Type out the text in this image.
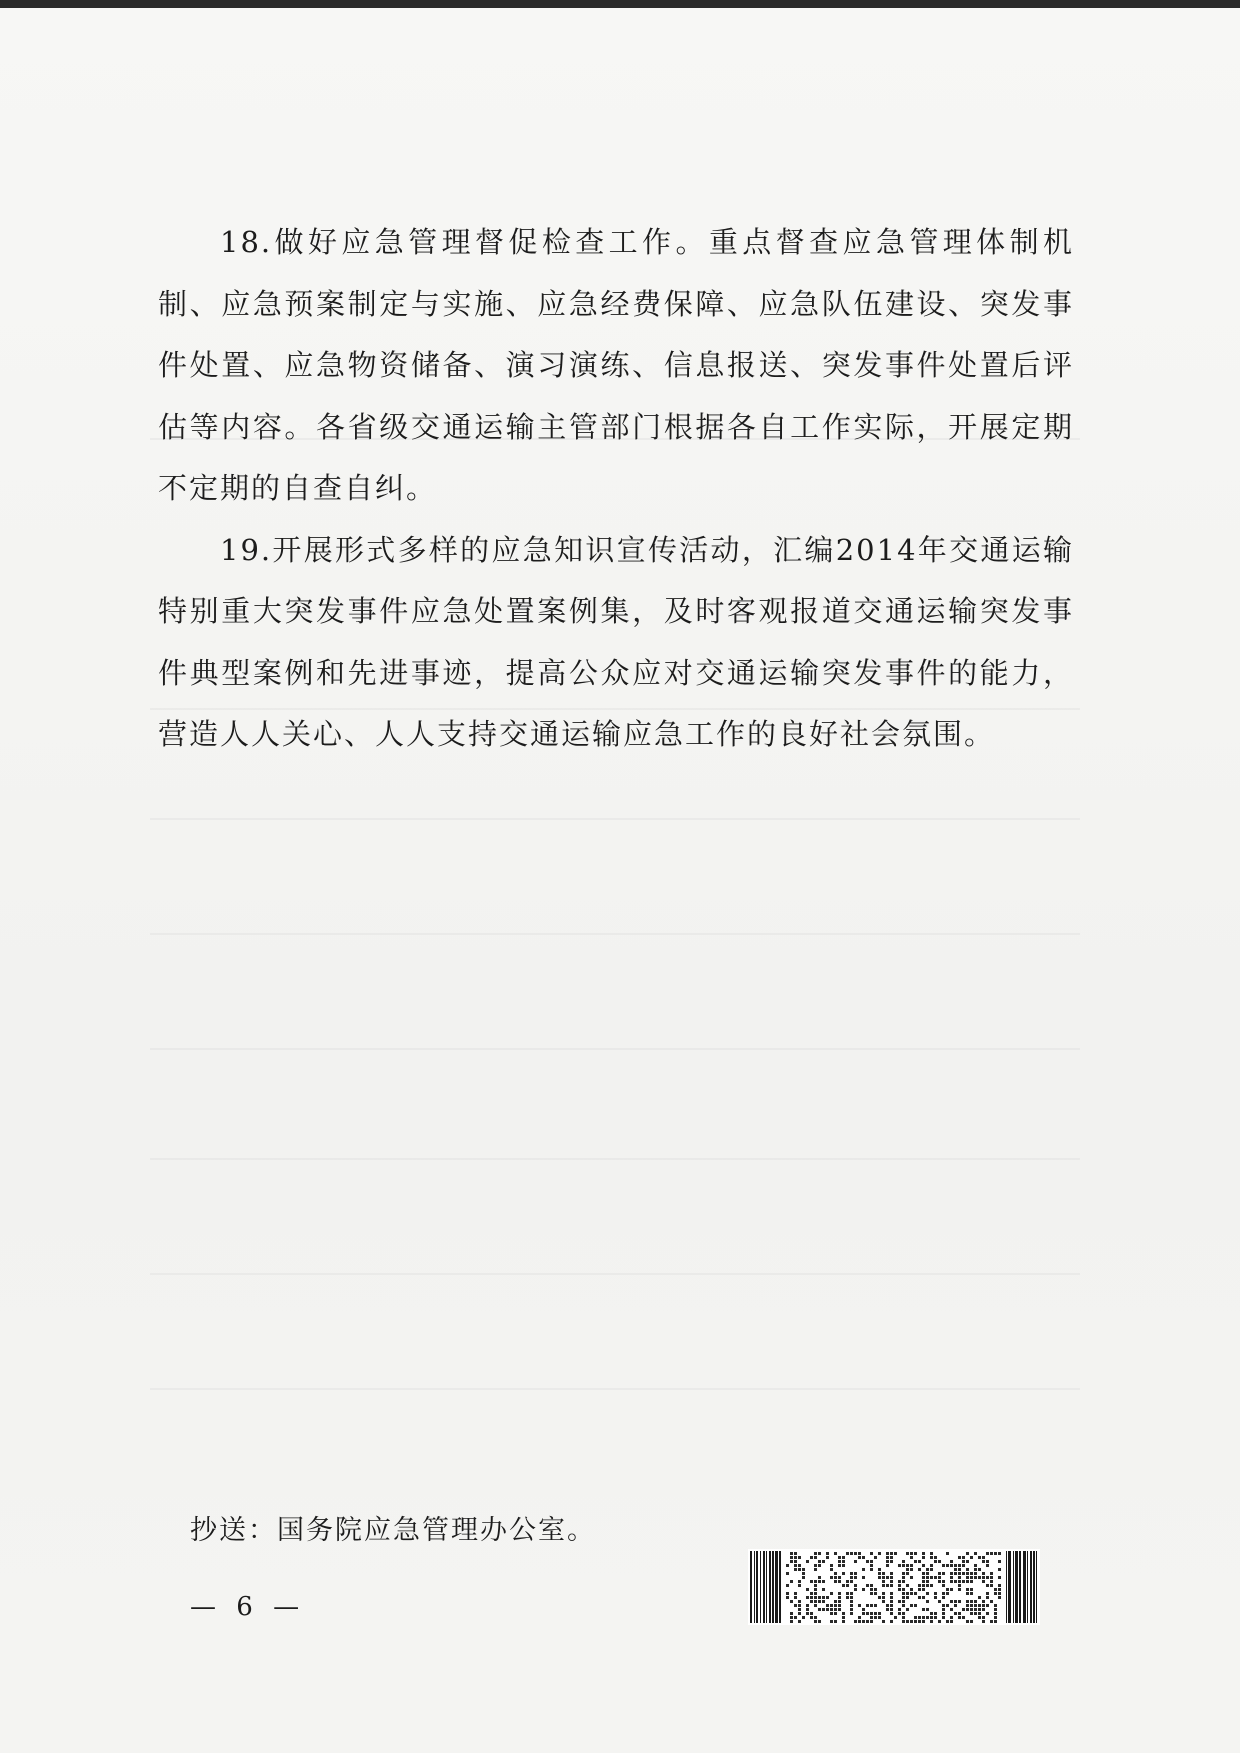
18.做好应急管理督促检查工作。重点督查应急管理体制机制、应急预案制定与实施、应急经费保障、应急队伍建设、突发事件处置、应急物资储备、演习演练、信息报送、突发事件处置后评估等内容。各省级交通运输主管部门根据各自工作实际，开展定期不定期的自查自纠。

19.开展形式多样的应急知识宣传活动，汇编2014年交通运输特别重大突发事件应急处置案例集，及时客观报道交通运输突发事件典型案例和先进事迹，提高公众应对交通运输突发事件的能力，营造人人关心、人人支持交通运输应急工作的良好社会氛围。

抄送：国务院应急管理办公室。

— 6 —
